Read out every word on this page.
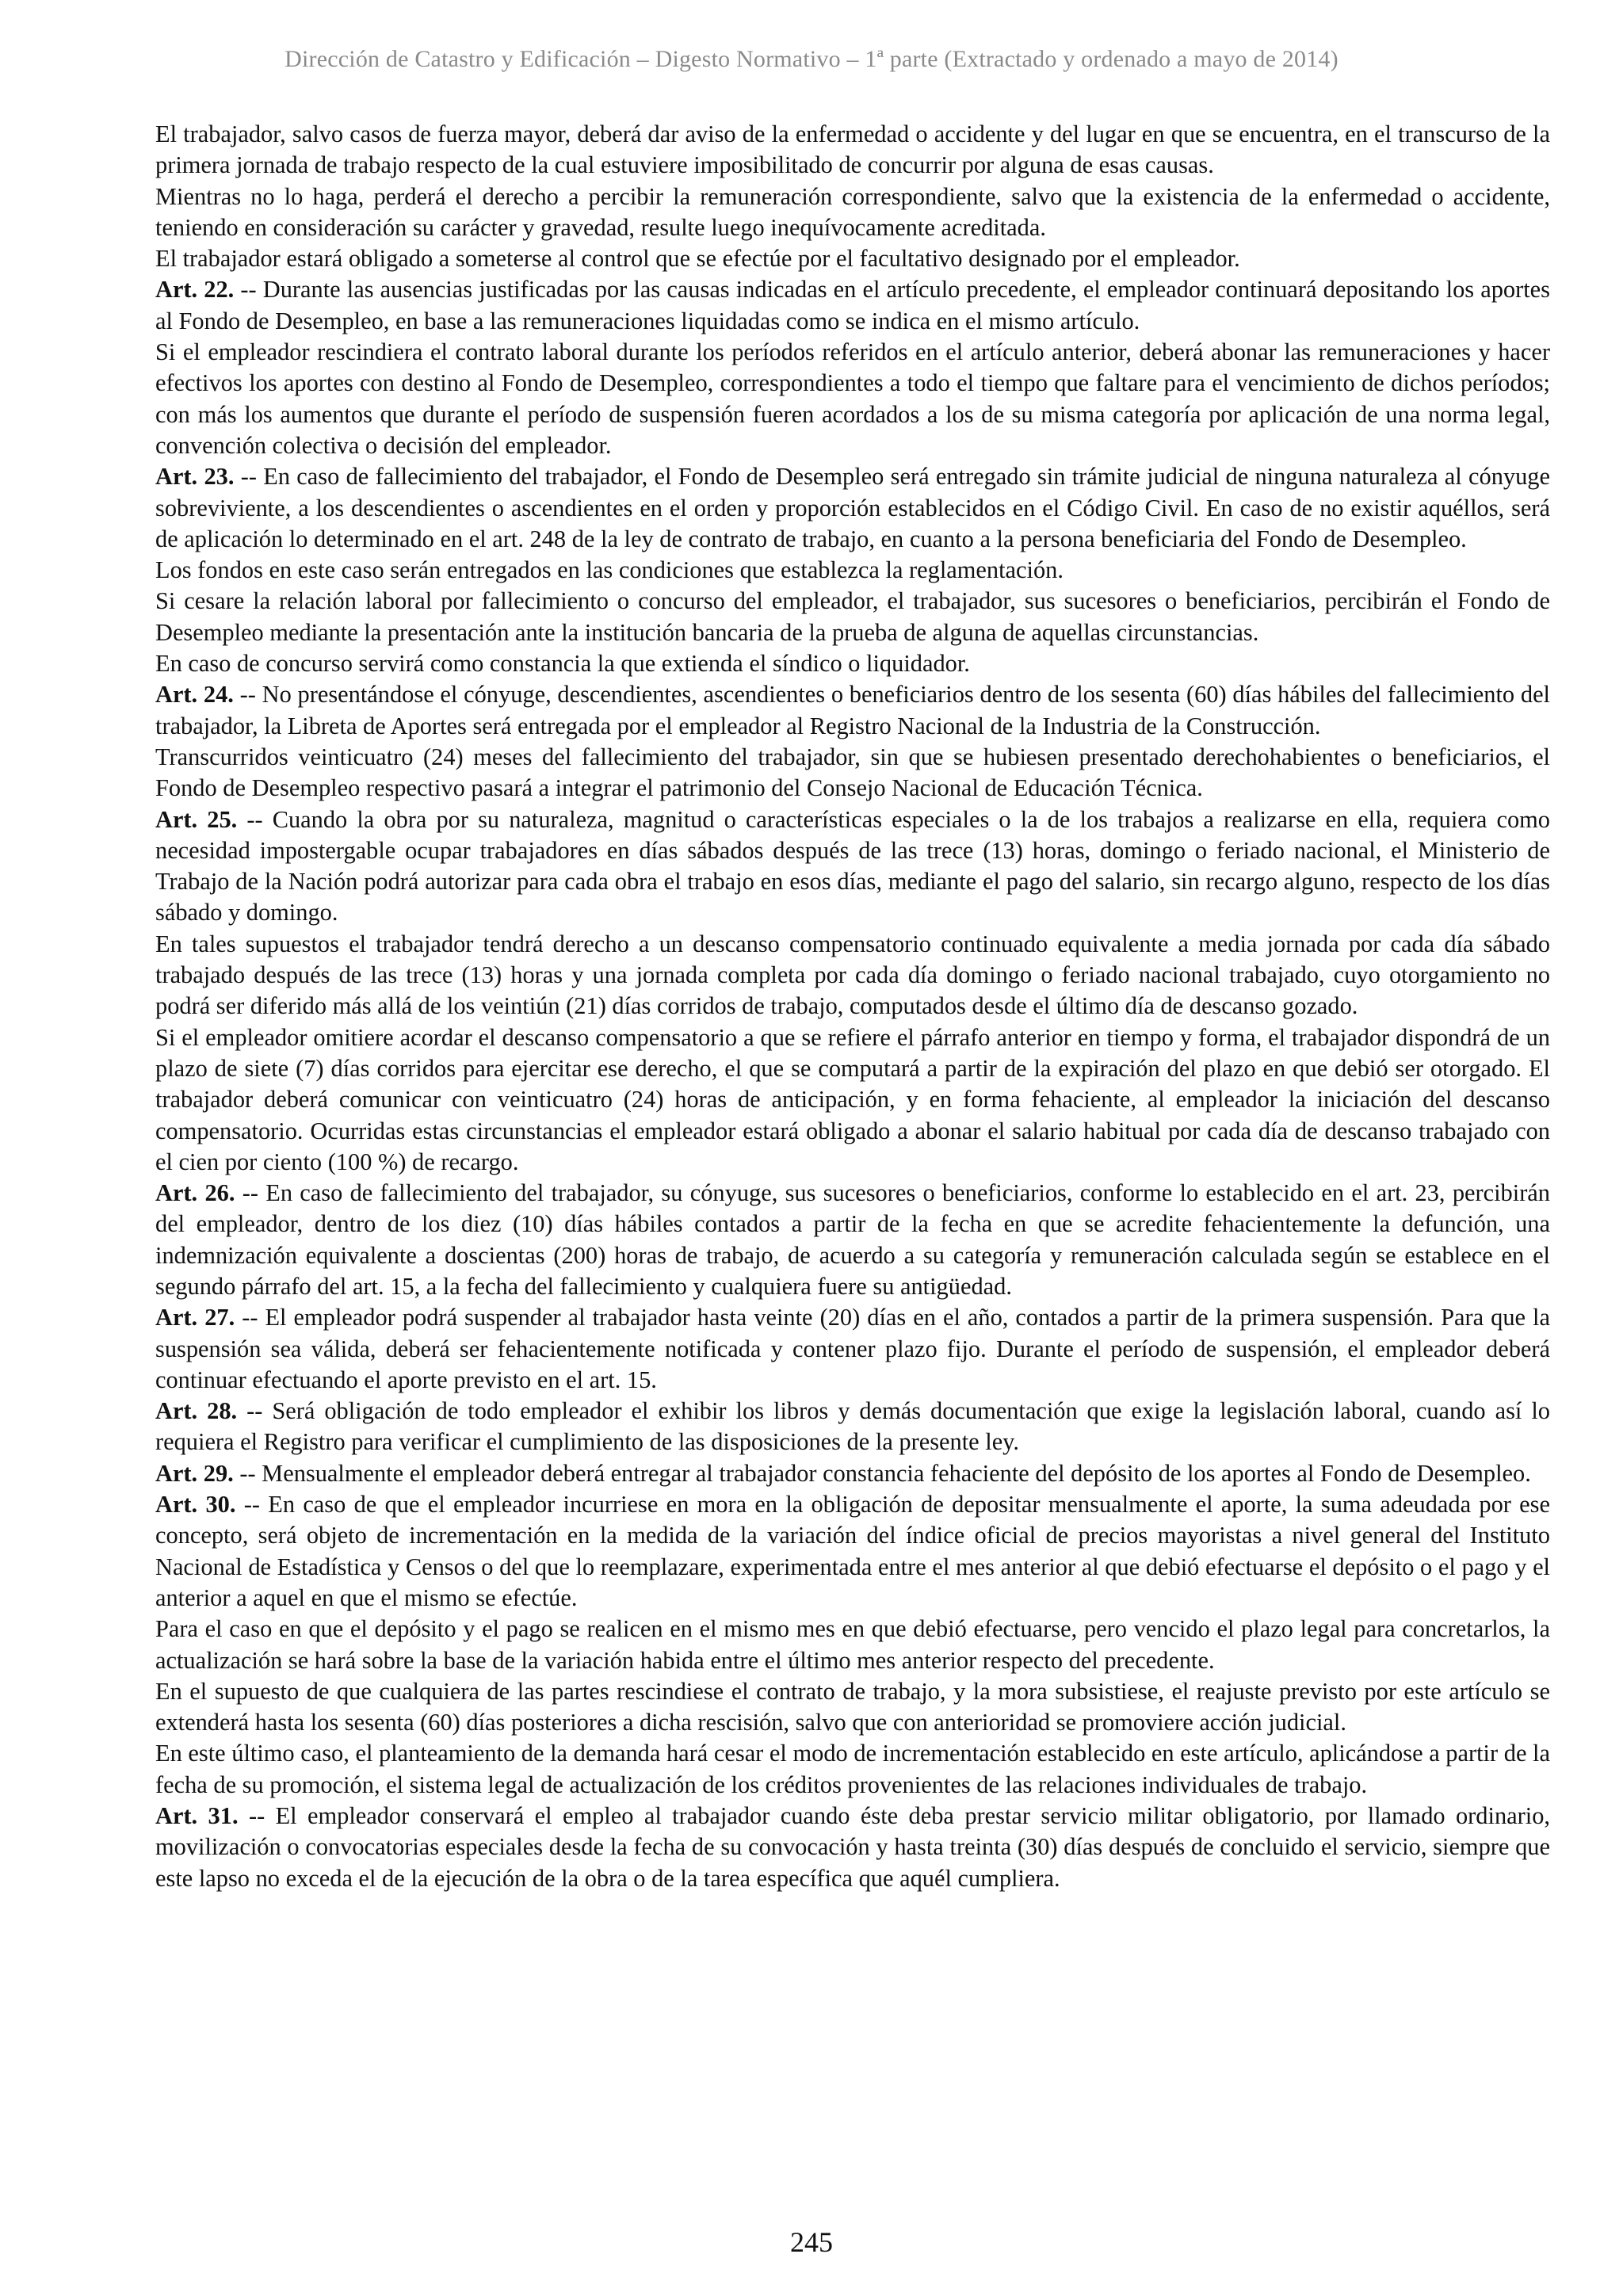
Dirección de Catastro y Edificación – Digesto Normativo – 1ª parte (Extractado y ordenado a mayo de 2014)

El trabajador, salvo casos de fuerza mayor, deberá dar aviso de la enfermedad o accidente y del lugar en que se encuentra, en el transcurso de la primera jornada de trabajo respecto de la cual estuviere imposibilitado de concurrir por alguna de esas causas.

Mientras no lo haga, perderá el derecho a percibir la remuneración correspondiente, salvo que la existencia de la enfermedad o accidente, teniendo en consideración su carácter y gravedad, resulte luego inequívocamente acreditada.

El trabajador estará obligado a someterse al control que se efectúe por el facultativo designado por el empleador.

Art. 22. -- Durante las ausencias justificadas por las causas indicadas en el artículo precedente, el empleador continuará depositando los aportes al Fondo de Desempleo, en base a las remuneraciones liquidadas como se indica en el mismo artículo.

Si el empleador rescindiera el contrato laboral durante los períodos referidos en el artículo anterior, deberá abonar las remuneraciones y hacer efectivos los aportes con destino al Fondo de Desempleo, correspondientes a todo el tiempo que faltare para el vencimiento de dichos períodos; con más los aumentos que durante el período de suspensión fueren acordados a los de su misma categoría por aplicación de una norma legal, convención colectiva o decisión del empleador.

Art. 23. -- En caso de fallecimiento del trabajador, el Fondo de Desempleo será entregado sin trámite judicial de ninguna naturaleza al cónyuge sobreviviente, a los descendientes o ascendientes en el orden y proporción establecidos en el Código Civil. En caso de no existir aquéllos, será de aplicación lo determinado en el art. 248 de la ley de contrato de trabajo, en cuanto a la persona beneficiaria del Fondo de Desempleo.

Los fondos en este caso serán entregados en las condiciones que establezca la reglamentación.

Si cesare la relación laboral por fallecimiento o concurso del empleador, el trabajador, sus sucesores o beneficiarios, percibirán el Fondo de Desempleo mediante la presentación ante la institución bancaria de la prueba de alguna de aquellas circunstancias.

En caso de concurso servirá como constancia la que extienda el síndico o liquidador.

Art. 24. -- No presentándose el cónyuge, descendientes, ascendientes o beneficiarios dentro de los sesenta (60) días hábiles del fallecimiento del trabajador, la Libreta de Aportes será entregada por el empleador al Registro Nacional de la Industria de la Construcción.

Transcurridos veinticuatro (24) meses del fallecimiento del trabajador, sin que se hubiesen presentado derechohabientes o beneficiarios, el Fondo de Desempleo respectivo pasará a integrar el patrimonio del Consejo Nacional de Educación Técnica.

Art. 25. -- Cuando la obra por su naturaleza, magnitud o características especiales o la de los trabajos a realizarse en ella, requiera como necesidad impostergable ocupar trabajadores en días sábados después de las trece (13) horas, domingo o feriado nacional, el Ministerio de Trabajo de la Nación podrá autorizar para cada obra el trabajo en esos días, mediante el pago del salario, sin recargo alguno, respecto de los días sábado y domingo.

En tales supuestos el trabajador tendrá derecho a un descanso compensatorio continuado equivalente a media jornada por cada día sábado trabajado después de las trece (13) horas y una jornada completa por cada día domingo o feriado nacional trabajado, cuyo otorgamiento no podrá ser diferido más allá de los veintiún (21) días corridos de trabajo, computados desde el último día de descanso gozado.

Si el empleador omitiere acordar el descanso compensatorio a que se refiere el párrafo anterior en tiempo y forma, el trabajador dispondrá de un plazo de siete (7) días corridos para ejercitar ese derecho, el que se computará a partir de la expiración del plazo en que debió ser otorgado. El trabajador deberá comunicar con veinticuatro (24) horas de anticipación, y en forma fehaciente, al empleador la iniciación del descanso compensatorio. Ocurridas estas circunstancias el empleador estará obligado a abonar el salario habitual por cada día de descanso trabajado con el cien por ciento (100 %) de recargo.

Art. 26. -- En caso de fallecimiento del trabajador, su cónyuge, sus sucesores o beneficiarios, conforme lo establecido en el art. 23, percibirán del empleador, dentro de los diez (10) días hábiles contados a partir de la fecha en que se acredite fehacientemente la defunción, una indemnización equivalente a doscientas (200) horas de trabajo, de acuerdo a su categoría y remuneración calculada según se establece en el segundo párrafo del art. 15, a la fecha del fallecimiento y cualquiera fuere su antigüedad.

Art. 27. -- El empleador podrá suspender al trabajador hasta veinte (20) días en el año, contados a partir de la primera suspensión. Para que la suspensión sea válida, deberá ser fehacientemente notificada y contener plazo fijo. Durante el período de suspensión, el empleador deberá continuar efectuando el aporte previsto en el art. 15.

Art. 28. -- Será obligación de todo empleador el exhibir los libros y demás documentación que exige la legislación laboral, cuando así lo requiera el Registro para verificar el cumplimiento de las disposiciones de la presente ley.

Art. 29. -- Mensualmente el empleador deberá entregar al trabajador constancia fehaciente del depósito de los aportes al Fondo de Desempleo.

Art. 30. -- En caso de que el empleador incurriese en mora en la obligación de depositar mensualmente el aporte, la suma adeudada por ese concepto, será objeto de incrementación en la medida de la variación del índice oficial de precios mayoristas a nivel general del Instituto Nacional de Estadística y Censos o del que lo reemplazare, experimentada entre el mes anterior al que debió efectuarse el depósito o el pago y el anterior a aquel en que el mismo se efectúe.

Para el caso en que el depósito y el pago se realicen en el mismo mes en que debió efectuarse, pero vencido el plazo legal para concretarlos, la actualización se hará sobre la base de la variación habida entre el último mes anterior respecto del precedente.

En el supuesto de que cualquiera de las partes rescindiese el contrato de trabajo, y la mora subsistiese, el reajuste previsto por este artículo se extenderá hasta los sesenta (60) días posteriores a dicha rescisión, salvo que con anterioridad se promoviere acción judicial.

En este último caso, el planteamiento de la demanda hará cesar el modo de incrementación establecido en este artículo, aplicándose a partir de la fecha de su promoción, el sistema legal de actualización de los créditos provenientes de las relaciones individuales de trabajo.

Art. 31. -- El empleador conservará el empleo al trabajador cuando éste deba prestar servicio militar obligatorio, por llamado ordinario, movilización o convocatorias especiales desde la fecha de su convocación y hasta treinta (30) días después de concluido el servicio, siempre que este lapso no exceda el de la ejecución de la obra o de la tarea específica que aquél cumpliera.

245
